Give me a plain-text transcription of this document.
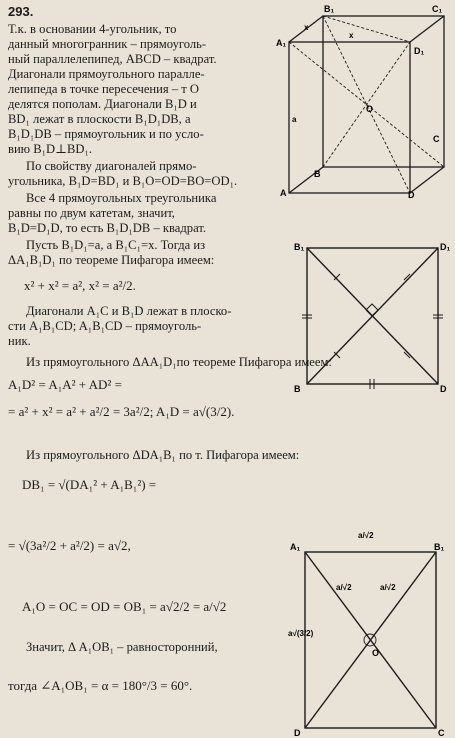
293.
Т.к. в основании 4-угольник, то
данный многогранник – прямоуголь-
ный параллелепипед, ABCD – квадрат.
Диагонали прямоугольного паралле-
лепипеда в точке пересечения – т O
делятся пополам. Диагонали B₁D и
BD₁ лежат в плоскости B₁D₁DB, а
B₁D₁DB – прямоугольник и по усло-
вию B₁D⊥BD₁.
По свойству диагоналей прямо-
угольника, B₁D=BD₁ и B₁O=OD=BO=OD₁.
Все 4 прямоугольных треугольника
равны по двум катетам, значит,
B₁D=D₁D, то есть B₁D₁DB – квадрат.
Пусть B₁D₁=a, а B₁C₁=x. Тогда из
ΔA₁B₁D₁ по теореме Пифагора имеем:
x² + x² = a², x² = a²/2.
Диагонали A₁C и B₁D лежат в плоско-
сти A₁B₁CD; A₁B₁CD – прямоуголь-
ник.
Из прямоугольного ΔAA₁D₁по теореме Пифагора имеем:
A₁D² = A₁A² + AD² =
= a² + x² = a² + a²/2 = 3a²/2; A₁D = a√(3/2).
Из прямоугольного ΔDA₁B₁ по т. Пифагора имеем:
DB₁ = √(DA₁² + A₁B₁²) =
= √(3a²/2 + a²/2) = a√2,
A₁O = OC = OD = OB₁ = a√2/2 = a/√2
Значит, Δ A₁OB₁ – равносторонний,
тогда ∠A₁OB₁ = α = 180°/3 = 60°.
B₁	C₁
A₁
D₁
O
B
C
A	D
x
x
a
B₁	D₁
B	D
a/√2
a/√2	a/√2
a√(3/2)
A₁	B₁
O
D	C
